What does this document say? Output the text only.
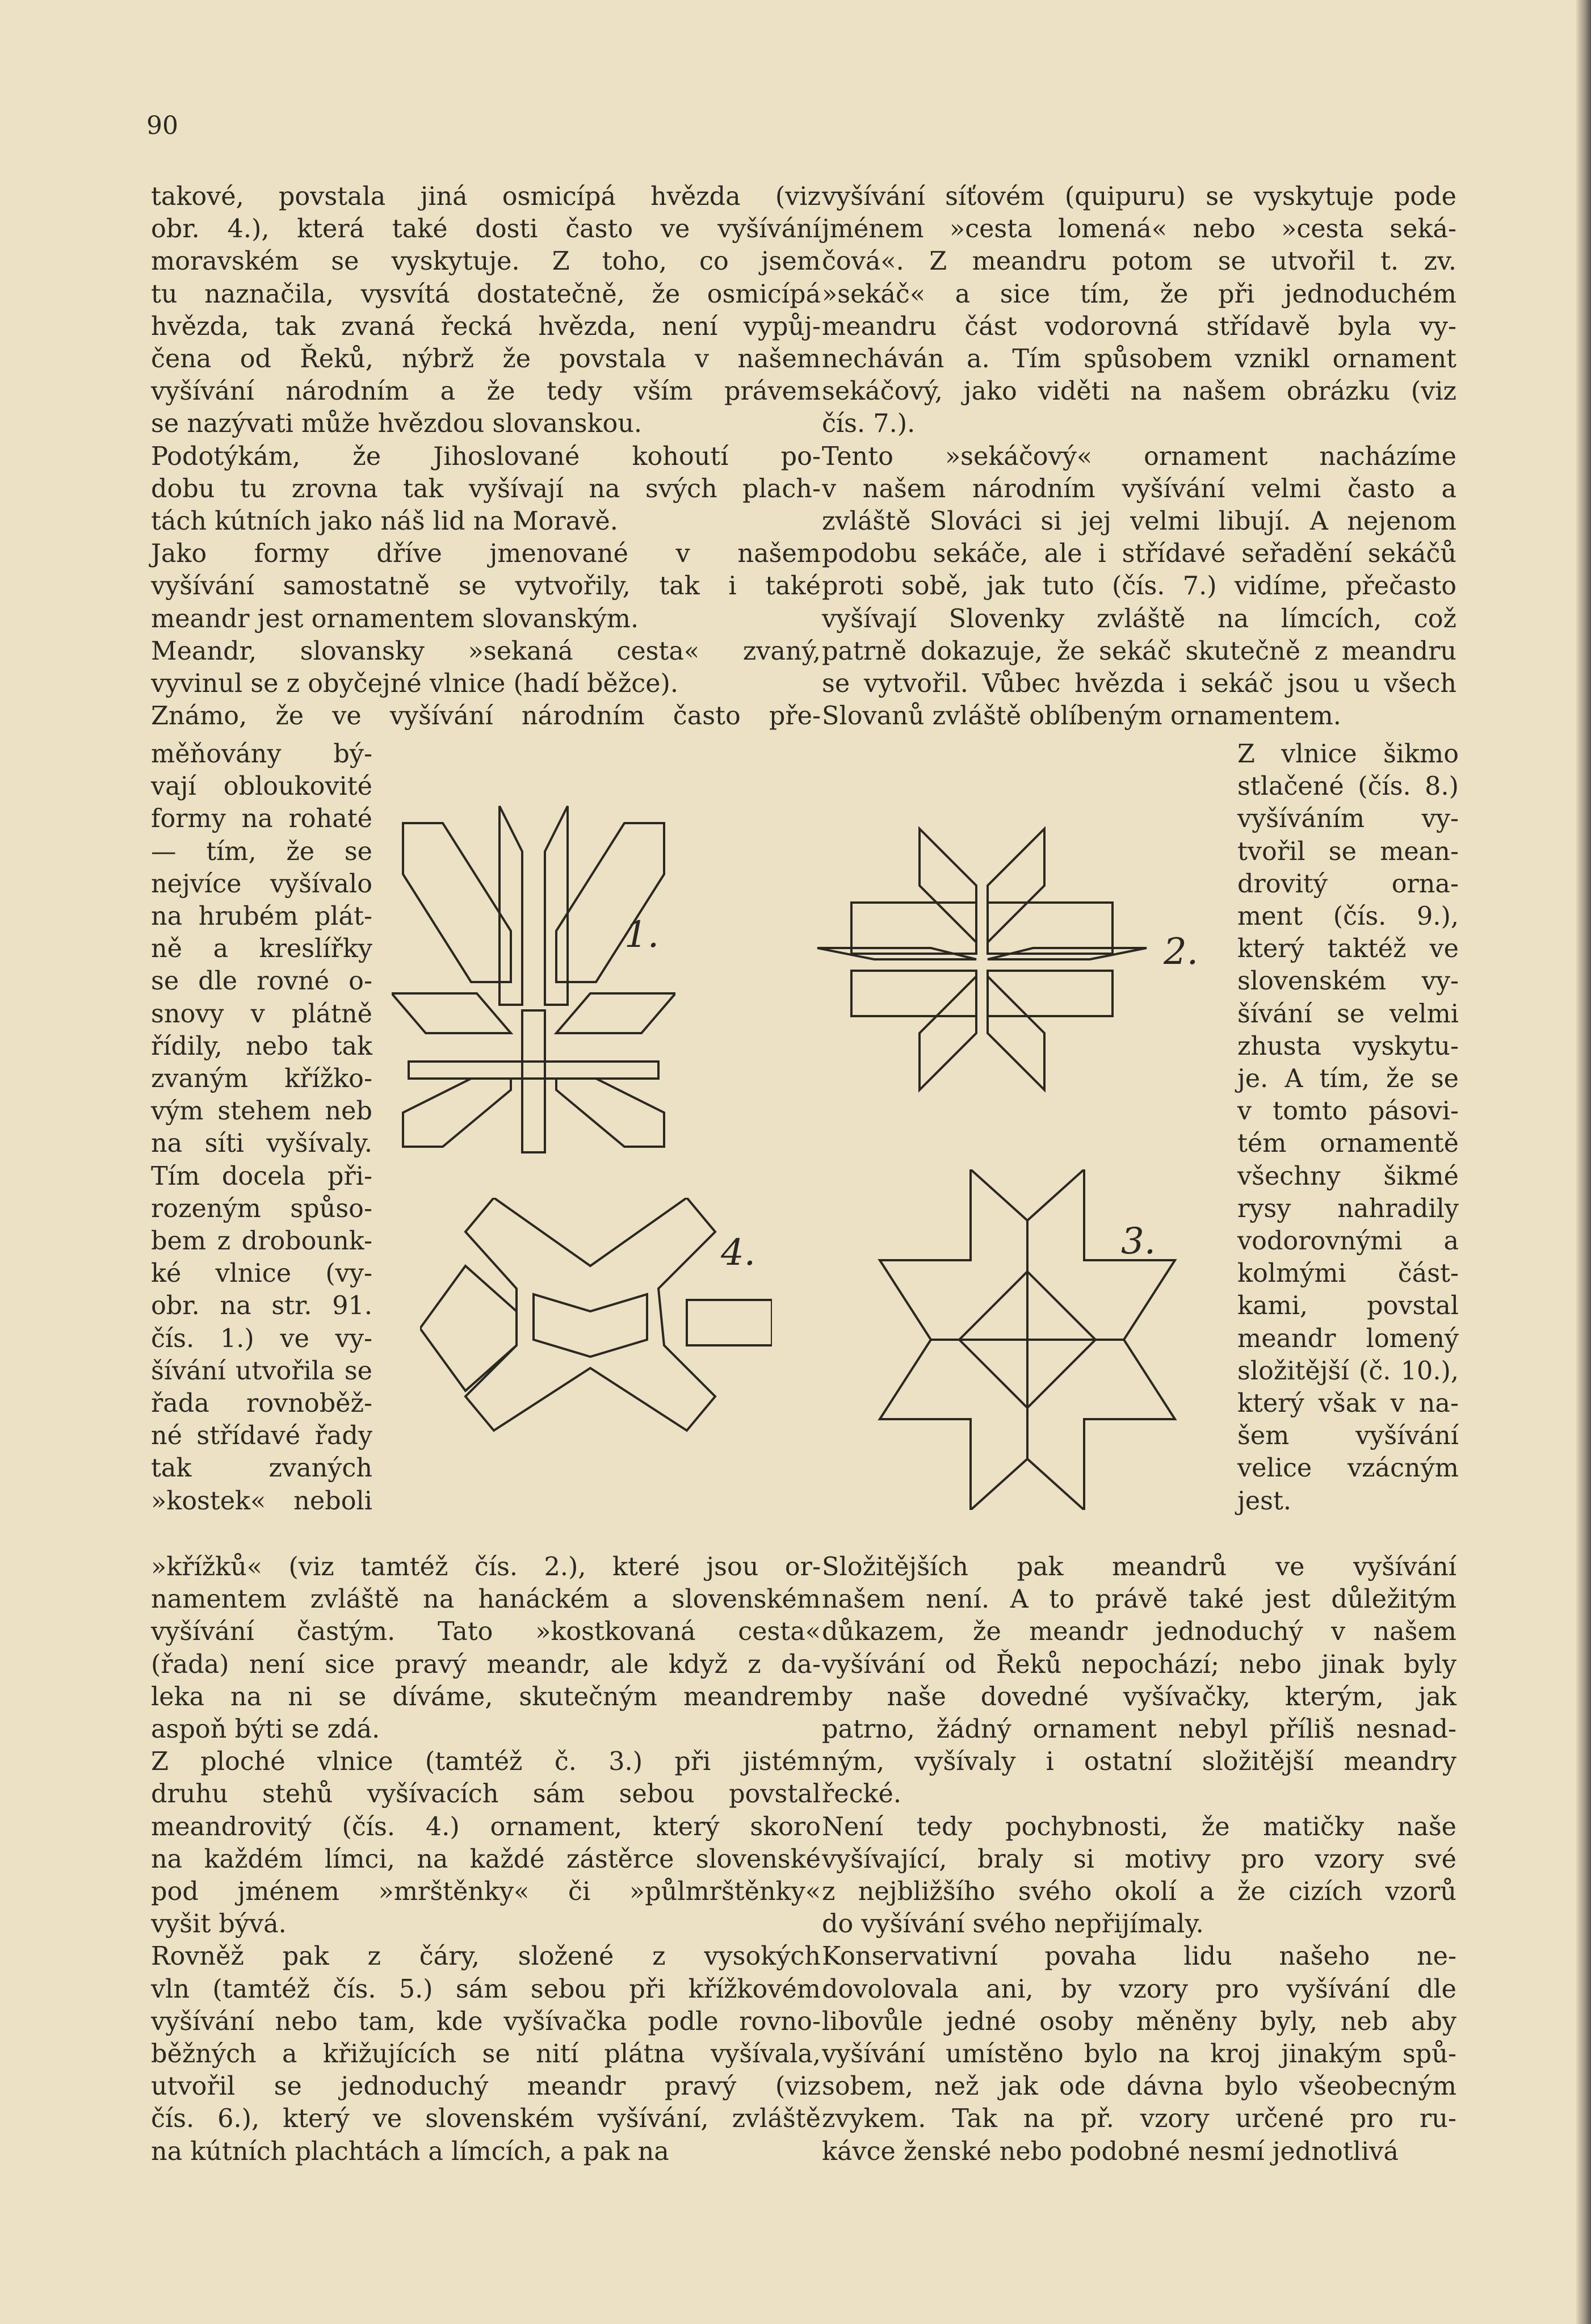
90

takové, povstala jiná osmicípá hvězda (viz

obr. 4.), která také dosti často ve vyšívání

moravském se vyskytuje. Z toho, co jsem

tu naznačila, vysvítá dostatečně, že osmicípá

hvězda, tak zvaná řecká hvězda, není vypůj-

čena od Řeků, nýbrž že povstala v našem

vyšívání národním a že tedy vším právem

se nazývati může hvězdou slovanskou.

Podotýkám, že Jihoslované kohoutí po-

dobu tu zrovna tak vyšívají na svých plach-

tách kútních jako náš lid na Moravě.

Jako formy dříve jmenované v našem

vyšívání samostatně se vytvořily, tak i také

meandr jest ornamentem slovanským.

Meandr, slovansky »sekaná cesta« zvaný,

vyvinul se z obyčejné vlnice (hadí běžce).

Známo, že ve vyšívání národním často pře-

měňovány bý-

vají obloukovité

formy na rohaté

— tím, že se

nejvíce vyšívalo

na hrubém plát-

ně a kreslířky

se dle rovné o-

snovy v plátně

řídily, nebo tak

zvaným křížko-

vým stehem neb

na síti vyšívaly.

Tím docela při-

rozeným spůso-

bem z drobounk-

ké vlnice (vy-

obr. na str. 91.

čís. 1.) ve vy-

šívání utvořila se

řada rovnoběž-

né střídavé řady

tak zvaných

»kostek« neboli

»křížků« (viz tamtéž čís. 2.), které jsou or-

namentem zvláště na hanáckém a slovenském

vyšívání častým. Tato »kostkovaná cesta«

(řada) není sice pravý meandr, ale když z da-

leka na ni se díváme, skutečným meandrem

aspoň býti se zdá.

Z ploché vlnice (tamtéž č. 3.) při jistém

druhu stehů vyšívacích sám sebou povstal

meandrovitý (čís. 4.) ornament, který skoro

na každém límci, na každé zástěrce slovenské

pod jménem »mrštěnky« či »půlmrštěnky«

vyšit bývá.

Rovněž pak z čáry, složené z vysokých

vln (tamtéž čís. 5.) sám sebou při křížkovém

vyšívání nebo tam, kde vyšívačka podle rovno-

běžných a křižujících se nití plátna vyšívala,

utvořil se jednoduchý meandr pravý (viz

čís. 6.), který ve slovenském vyšívání, zvláště

na kútních plachtách a límcích, a pak na

vyšívání síťovém (quipuru) se vyskytuje pode

jménem »cesta lomená« nebo »cesta seká-

čová«. Z meandru potom se utvořil t. zv.

»sekáč« a sice tím, že při jednoduchém

meandru část vodorovná střídavě byla vy-

necháván a. Tím spůsobem vznikl ornament

sekáčový, jako viděti na našem obrázku (viz

čís. 7.).

Tento »sekáčový« ornament nacházíme

v našem národním vyšívání velmi často a

zvláště Slováci si jej velmi libují. A nejenom

podobu sekáče, ale i střídavé seřadění sekáčů

proti sobě, jak tuto (čís. 7.) vidíme, přečasto

vyšívají Slovenky zvláště na límcích, což

patrně dokazuje, že sekáč skutečně z meandru

se vytvořil. Vůbec hvězda i sekáč jsou u všech

Slovanů zvláště oblíbeným ornamentem.

Z vlnice šikmo

stlačené (čís. 8.)

vyšíváním vy-

tvořil se mean-

drovitý orna-

ment (čís. 9.),

který taktéž ve

slovenském vy-

šívání se velmi

zhusta vyskytu-

je. A tím, že se

v tomto pásovi-

tém ornamentě

všechny šikmé

rysy nahradily

vodorovnými a

kolmými část-

kami, povstal

meandr lomený

složitější (č. 10.),

který však v na-

šem vyšívání

velice vzácným

jest.

Složitějších pak meandrů ve vyšívání

našem není. A to právě také jest důležitým

důkazem, že meandr jednoduchý v našem

vyšívání od Řeků nepochází; nebo jinak byly

by naše dovedné vyšívačky, kterým, jak

patrno, žádný ornament nebyl příliš nesnad-

ným, vyšívaly i ostatní složitější meandry

řecké.

Není tedy pochybnosti, že matičky naše

vyšívající, braly si motivy pro vzory své

z nejbližšího svého okolí a že cizích vzorů

do vyšívání svého nepřijímaly.

Konservativní povaha lidu našeho ne-

dovolovala ani, by vzory pro vyšívání dle

libovůle jedné osoby měněny byly, neb aby

vyšívání umístěno bylo na kroj jinakým spů-

sobem, než jak ode dávna bylo všeobecným

zvykem. Tak na př. vzory určené pro ru-

kávce ženské nebo podobné nesmí jednotlivá

1.	2.
4.	3.
